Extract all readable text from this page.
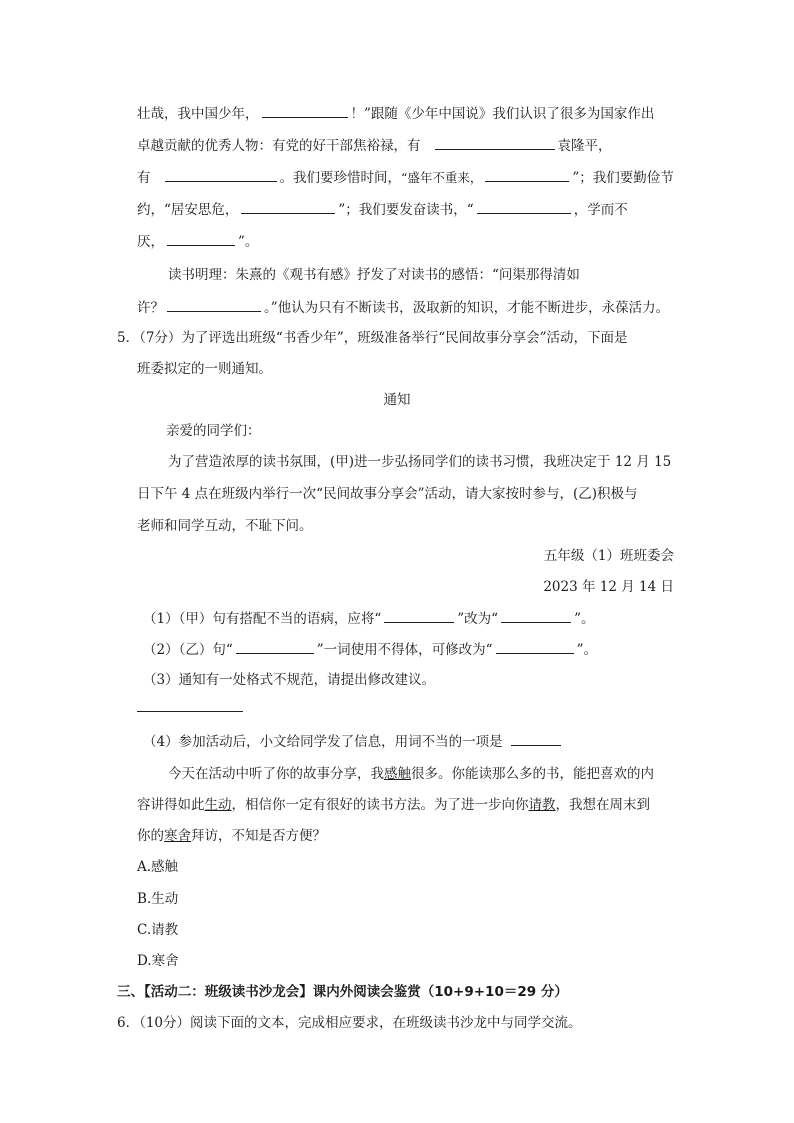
壮哉，我中国少年，	！”跟随《少年中国说》我们认识了很多为国家作出
卓越贡献的优秀人物：有党的好干部焦裕禄，有	袁隆平，
有	。我们要珍惜时间，“盛年不重来，	”；我们要勤俭节
约，“居安思危，	”；我们要发奋读书，“	，学而不
厌，	”。
读书明理：朱熹的《观书有感》抒发了对读书的感悟：“问渠那得清如
许？	。”他认为只有不断读书，汲取新的知识，才能不断进步，永葆活力。
5．（7分）为了评选出班级“书香少年”，班级准备举行“民间故事分享会”活动，下面是
班委拟定的一则通知。
通知
亲爱的同学们：
为了营造浓厚的读书氛围，(甲)进一步弘扬同学们的读书习惯，我班决定于 12 月 15
日下午 4 点在班级内举行一次“民间故事分享会”活动，请大家按时参与，(乙)积极与
老师和同学互动，不耻下问。
五年级（1）班班委会
2023 年 12 月 14 日
（1）（甲）句有搭配不当的语病，应将“	”改为“	”。
（2）（乙）句“	”一词使用不得体，可修改为“	”。
（3）通知有一处格式不规范，请提出修改建议。
（4）参加活动后，小文给同学发了信息，用词不当的一项是
今天在活动中听了你的故事分享，我感触很多。你能读那么多的书，能把喜欢的内
容讲得如此生动，相信你一定有很好的读书方法。为了进一步向你请教，我想在周末到
你的寒舍拜访，不知是否方便？
A.感触
B.生动
C.请教
D.寒舍
三、【活动二：班级读书沙龙会】课内外阅读会鉴赏（10+9+10＝29 分）
6．（10分）阅读下面的文本，完成相应要求，在班级读书沙龙中与同学交流。
